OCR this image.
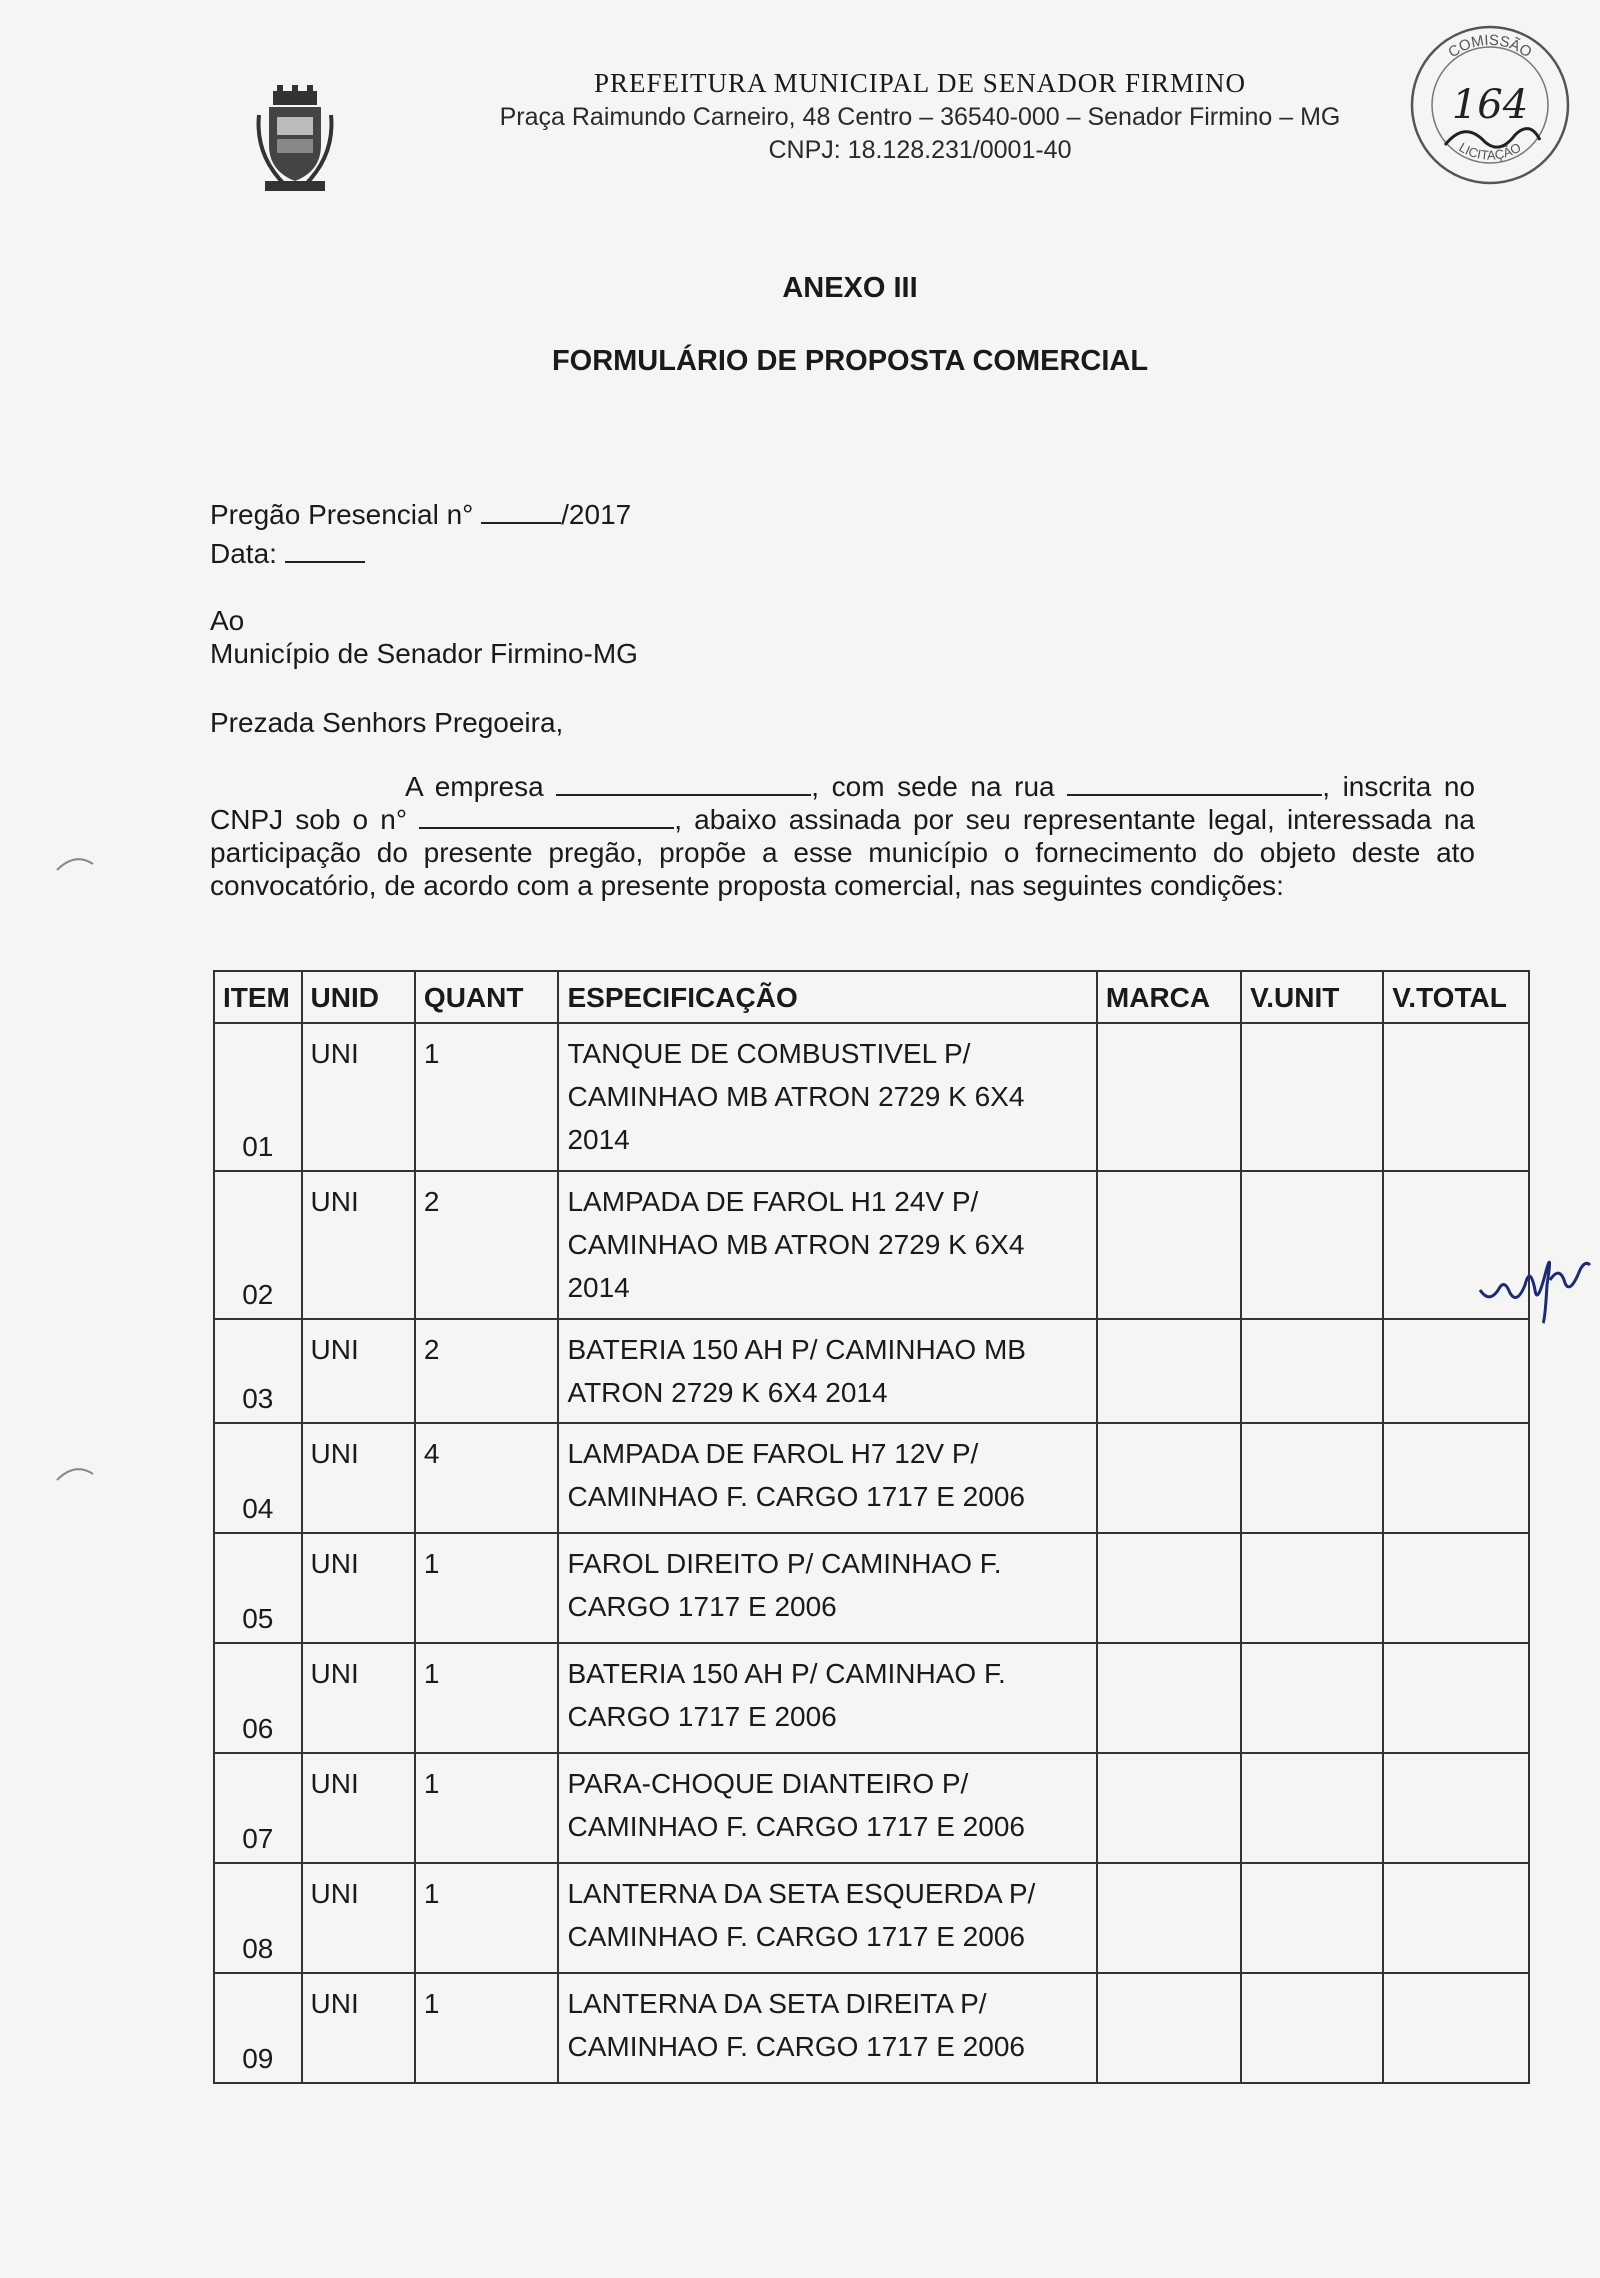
PREFEITURA MUNICIPAL DE SENADOR FIRMINO
Praça Raimundo Carneiro, 48 Centro – 36540-000 – Senador Firmino – MG
CNPJ: 18.128.231/0001-40
COMISSÃO
LICITAÇÃO
164
ANEXO III
FORMULÁRIO DE PROPOSTA COMERCIAL
Pregão Presencial n°	/2017
Data:
Ao
Município de Senador Firmino-MG
Prezada Senhors Pregoeira,
A empresa	, com sede na rua	, inscrita no CNPJ sob o n°	, abaixo assinada por seu representante legal, interessada na participação do presente pregão, propõe a esse município o fornecimento do objeto deste ato convocatório, de acordo com a presente proposta comercial, nas seguintes condições:
ITEM	UNID	QUANT	ESPECIFICAÇÃO	MARCA	V.UNIT	V.TOTAL
01	UNI	1	TANQUE DE COMBUSTIVEL P/ CAMINHAO MB ATRON 2729 K 6X4 2014			
02	UNI	2	LAMPADA DE FAROL H1 24V P/ CAMINHAO MB ATRON 2729 K 6X4 2014			
03	UNI	2	BATERIA 150 AH P/ CAMINHAO MB ATRON 2729 K 6X4 2014			
04	UNI	4	LAMPADA DE FAROL H7 12V P/ CAMINHAO F. CARGO 1717 E 2006			
05	UNI	1	FAROL DIREITO P/ CAMINHAO F. CARGO 1717 E 2006			
06	UNI	1	BATERIA 150 AH P/ CAMINHAO F. CARGO 1717 E 2006			
07	UNI	1	PARA-CHOQUE DIANTEIRO P/ CAMINHAO F. CARGO 1717 E 2006			
08	UNI	1	LANTERNA DA SETA ESQUERDA P/ CAMINHAO F. CARGO 1717 E 2006			
09	UNI	1	LANTERNA DA SETA DIREITA P/ CAMINHAO F. CARGO 1717 E 2006			
